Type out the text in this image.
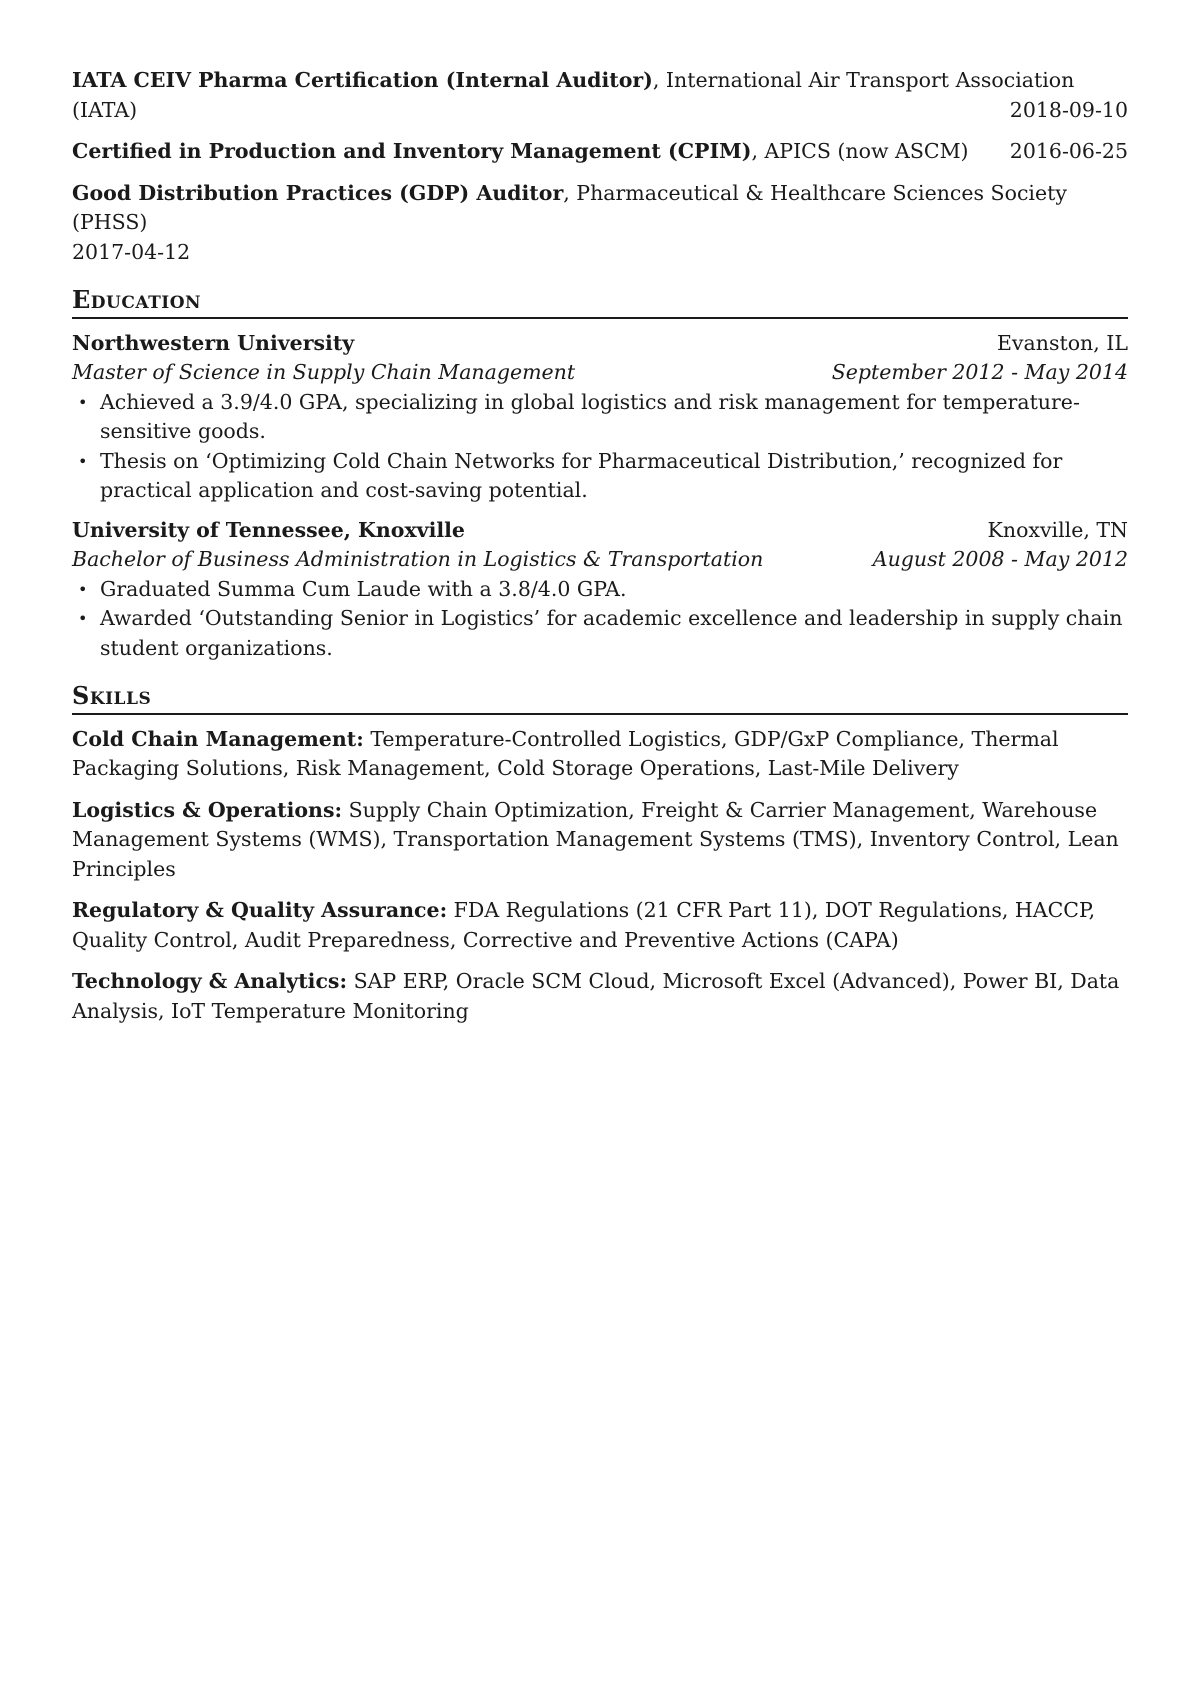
IATA CEIV Pharma Certification (Internal Auditor), International Air Transport Association
(IATA)	2018-09-10
Certified in Production and Inventory Management (CPIM), APICS (now ASCM) 2016-06-25
Good Distribution Practices (GDP) Auditor, Pharmaceutical & Healthcare Sciences Society (PHSS)
2017-04-12
Education
Northwestern University	Evanston, IL
Master of Science in Supply Chain Management	September 2012 - May 2014
• Achieved a 3.9/4.0 GPA, specializing in global logistics and risk management for temperature-sensitive goods.
• Thesis on ‘Optimizing Cold Chain Networks for Pharmaceutical Distribution,’ recognized for practical application and cost-saving potential.
University of Tennessee, Knoxville	Knoxville, TN
Bachelor of Business Administration in Logistics & Transportation	August 2008 - May 2012
• Graduated Summa Cum Laude with a 3.8/4.0 GPA.
• Awarded ‘Outstanding Senior in Logistics’ for academic excellence and leadership in supply chain student organizations.
Skills
Cold Chain Management: Temperature-Controlled Logistics, GDP/GxP Compliance, Thermal Packaging Solutions, Risk Management, Cold Storage Operations, Last-Mile Delivery
Logistics & Operations: Supply Chain Optimization, Freight & Carrier Management, Warehouse Management Systems (WMS), Transportation Management Systems (TMS), Inventory Control, Lean Principles
Regulatory & Quality Assurance: FDA Regulations (21 CFR Part 11), DOT Regulations, HACCP, Quality Control, Audit Preparedness, Corrective and Preventive Actions (CAPA)
Technology & Analytics: SAP ERP, Oracle SCM Cloud, Microsoft Excel (Advanced), Power BI, Data Analysis, IoT Temperature Monitoring
